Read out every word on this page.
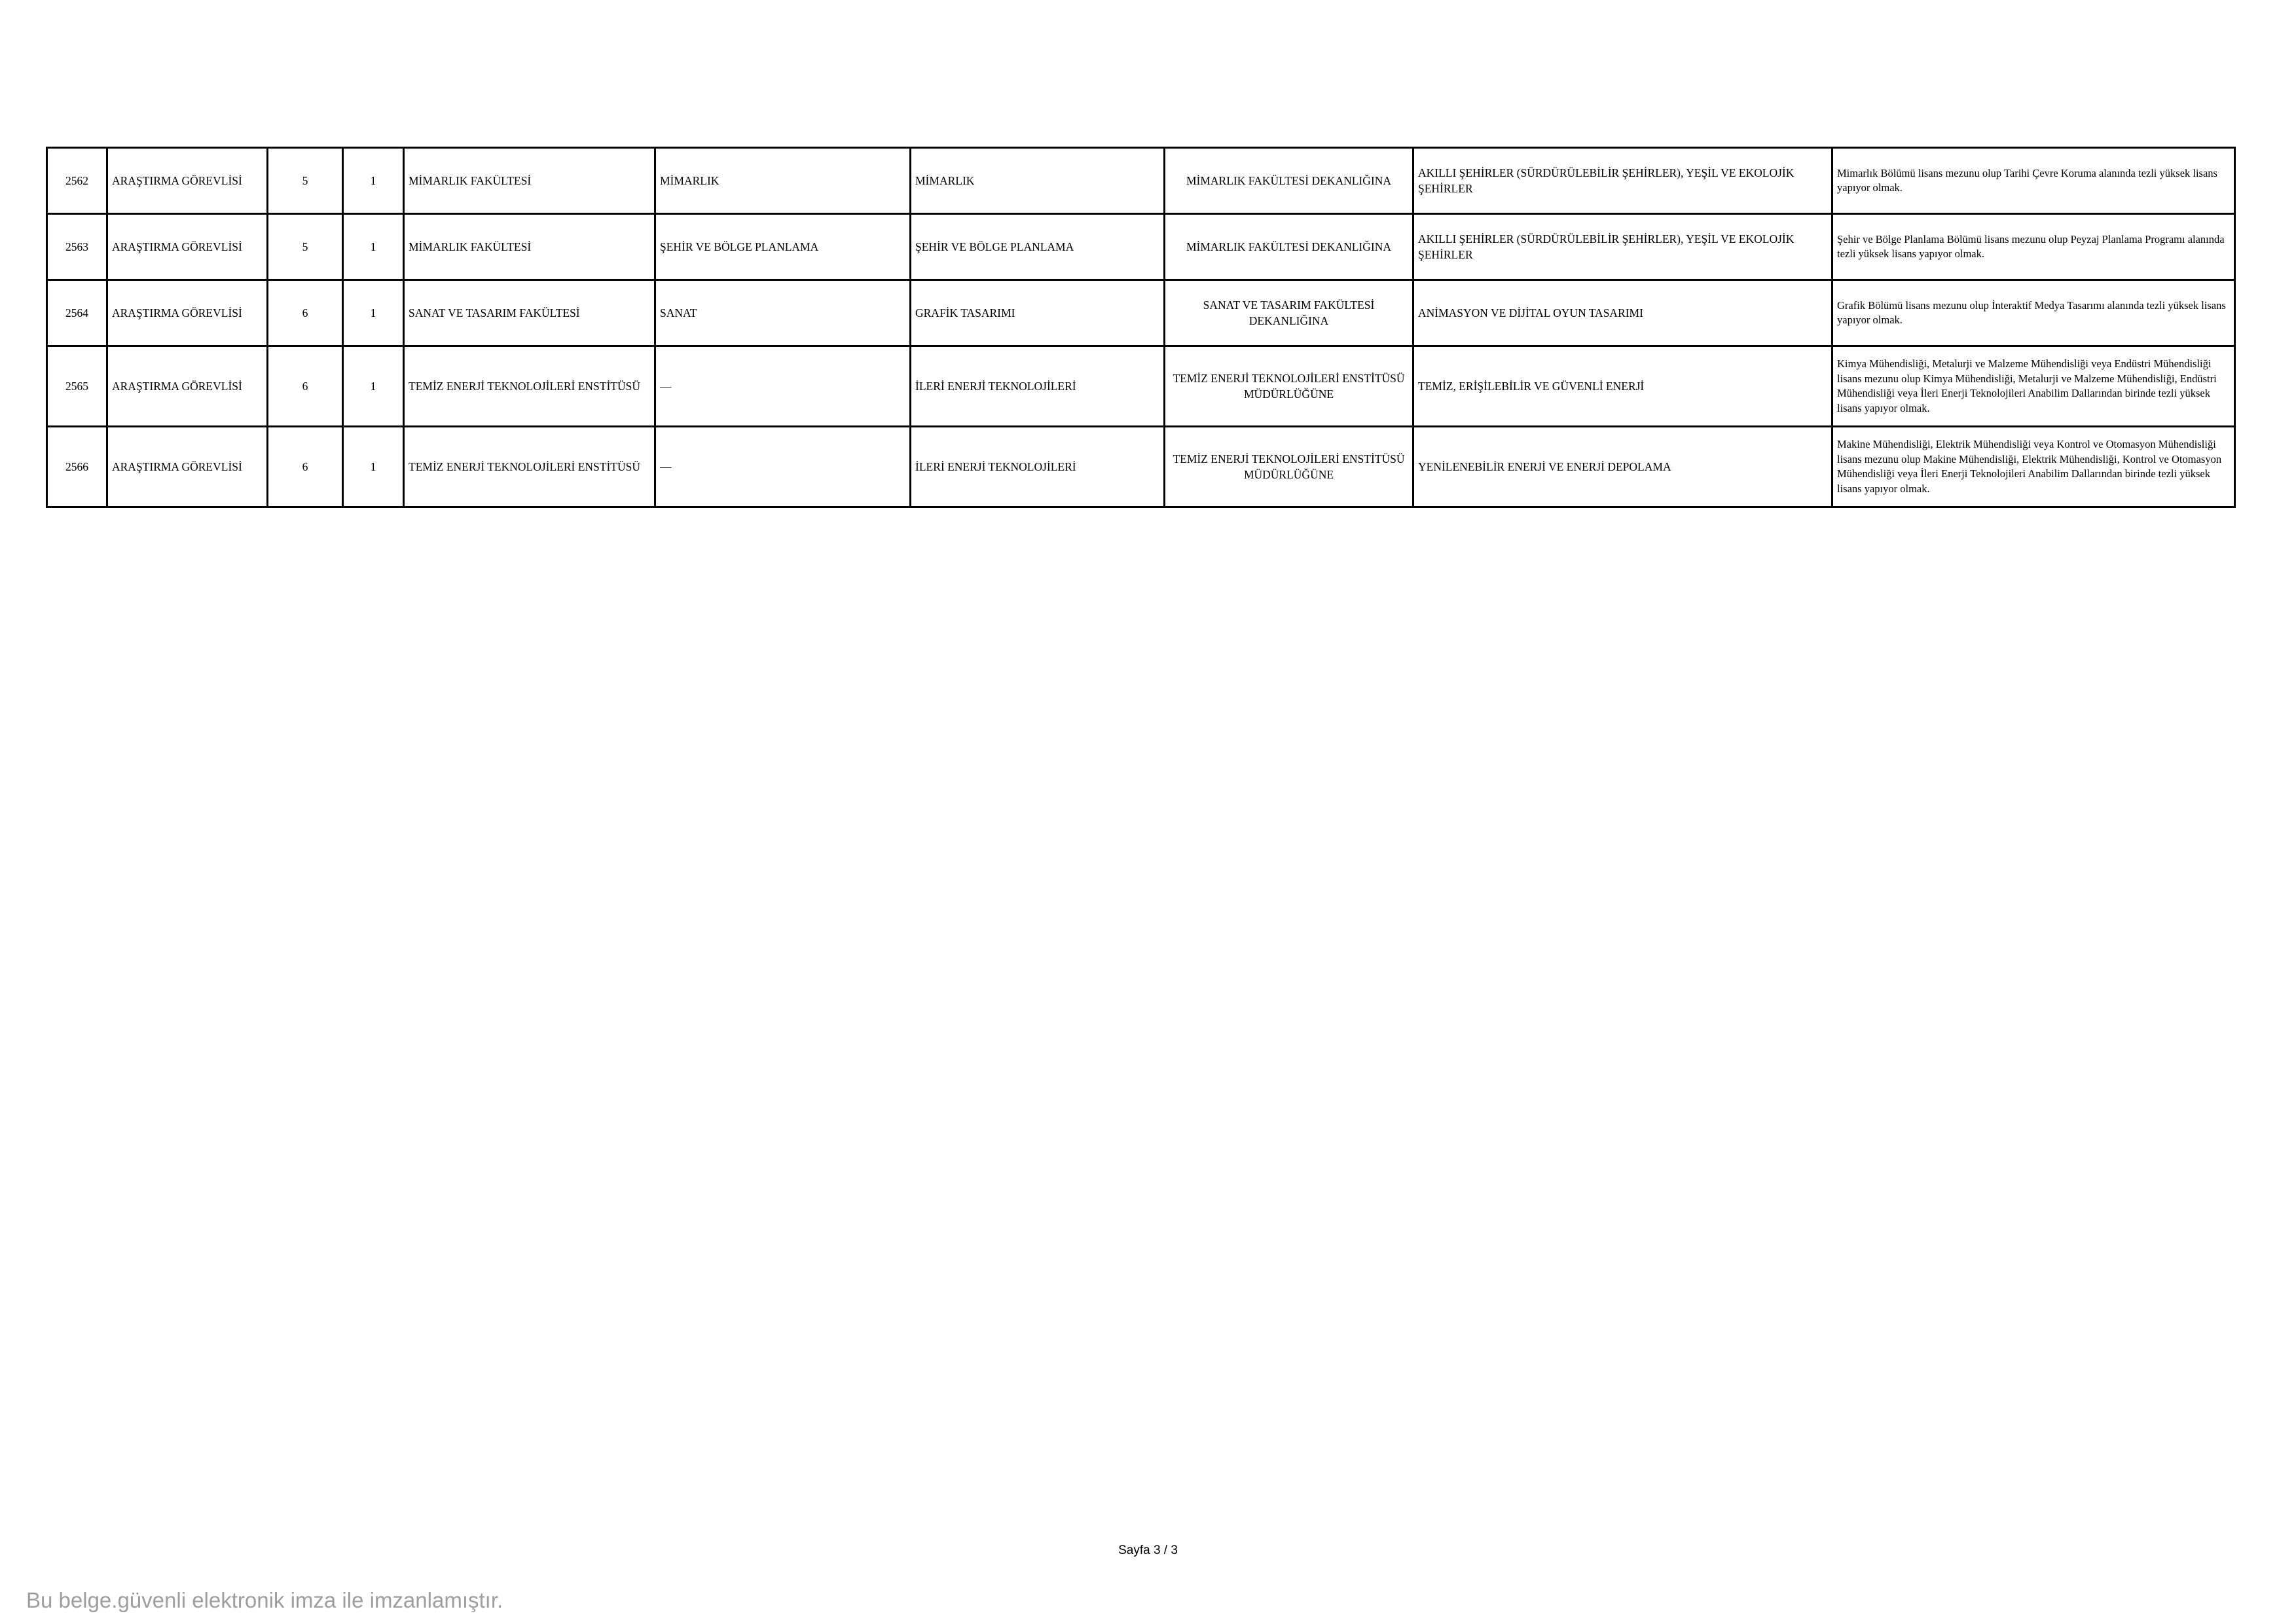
2562	ARAŞTIRMA GÖREVLİSİ	5	1	MİMARLIK FAKÜLTESİ	MİMARLIK	MİMARLIK	MİMARLIK FAKÜLTESİ DEKANLIĞINA	AKILLI ŞEHİRLER (SÜRDÜRÜLEBİLİR ŞEHİRLER), YEŞİL VE EKOLOJİK ŞEHİRLER	Mimarlık Bölümü lisans mezunu olup Tarihi Çevre Koruma alanında tezli yüksek lisans yapıyor olmak.
2563	ARAŞTIRMA GÖREVLİSİ	5	1	MİMARLIK FAKÜLTESİ	ŞEHİR VE BÖLGE PLANLAMA	ŞEHİR VE BÖLGE PLANLAMA	MİMARLIK FAKÜLTESİ DEKANLIĞINA	AKILLI ŞEHİRLER (SÜRDÜRÜLEBİLİR ŞEHİRLER), YEŞİL VE EKOLOJİK ŞEHİRLER	Şehir ve Bölge Planlama Bölümü lisans mezunu olup Peyzaj Planlama Programı alanında tezli yüksek lisans yapıyor olmak.
2564	ARAŞTIRMA GÖREVLİSİ	6	1	SANAT VE TASARIM FAKÜLTESİ	SANAT	GRAFİK TASARIMI	SANAT VE TASARIM FAKÜLTESİ DEKANLIĞINA	ANİMASYON VE DİJİTAL OYUN TASARIMI	Grafik Bölümü lisans mezunu olup İnteraktif Medya Tasarımı alanında tezli yüksek lisans yapıyor olmak.
2565	ARAŞTIRMA GÖREVLİSİ	6	1	TEMİZ ENERJİ TEKNOLOJİLERİ ENSTİTÜSÜ	—	İLERİ ENERJİ TEKNOLOJİLERİ	TEMİZ ENERJİ TEKNOLOJİLERİ ENSTİTÜSÜ MÜDÜRLÜĞÜNE	TEMİZ, ERİŞİLEBİLİR VE GÜVENLİ ENERJİ	Kimya Mühendisliği, Metalurji ve Malzeme Mühendisliği veya Endüstri Mühendisliği lisans mezunu olup Kimya Mühendisliği, Metalurji ve Malzeme Mühendisliği, Endüstri Mühendisliği veya İleri Enerji Teknolojileri Anabilim Dallarından birinde tezli yüksek lisans yapıyor olmak.
2566	ARAŞTIRMA GÖREVLİSİ	6	1	TEMİZ ENERJİ TEKNOLOJİLERİ ENSTİTÜSÜ	—	İLERİ ENERJİ TEKNOLOJİLERİ	TEMİZ ENERJİ TEKNOLOJİLERİ ENSTİTÜSÜ MÜDÜRLÜĞÜNE	YENİLENEBİLİR ENERJİ VE ENERJİ DEPOLAMA	Makine Mühendisliği, Elektrik Mühendisliği veya Kontrol ve Otomasyon Mühendisliği lisans mezunu olup Makine Mühendisliği, Elektrik Mühendisliği, Kontrol ve Otomasyon Mühendisliği veya İleri Enerji Teknolojileri Anabilim Dallarından birinde tezli yüksek lisans yapıyor olmak.
Sayfa 3 / 3
Bu belge.güvenli elektronik imza ile imzanlamıştır.
